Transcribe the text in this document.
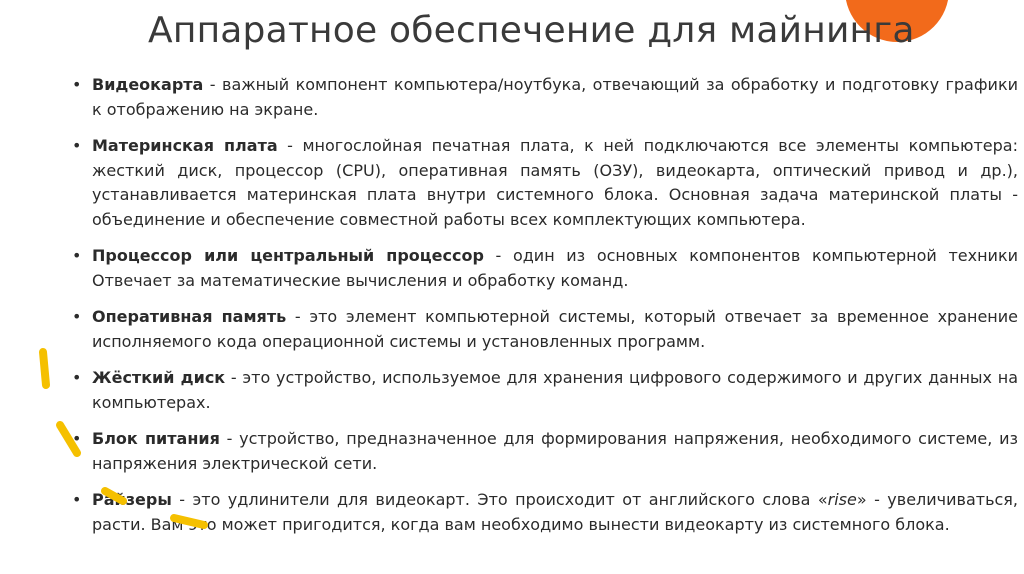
Аппаратное обеспечение для майнинга
• Видеокарта - важный компонент компьютера/ноутбука, отвечающий за обработку и подготовку графики к отображению на экране.
• Материнская плата - многослойная печатная плата, к ней подключаются все элементы компьютера: жесткий диск, процессор (CPU), оперативная память (ОЗУ), видеокарта, оптический привод и др.), устанавливается материнская плата внутри системного блока. Основная задача материнской платы - объединение и обеспечение совместной работы всех комплектующих компьютера.
• Процессор или центральный процессор - один из основных компонентов компьютерной техники Отвечает за математические вычисления и обработку команд.
• Оперативная память - это элемент компьютерной системы, который отвечает за временное хранение исполняемого кода операционной системы и установленных программ.
• Жёсткий диск - это устройство, используемое для хранения цифрового содержимого и других данных на компьютерах.
• Блок питания - устройство, предназначенное для формирования напряжения, необходимого системе, из напряжения электрической сети.
• Райзеры - это удлинители для видеокарт. Это происходит от английского слова «rise» - увеличиваться, расти. Вам это может пригодится, когда вам необходимо вынести видеокарту из системного блока.
